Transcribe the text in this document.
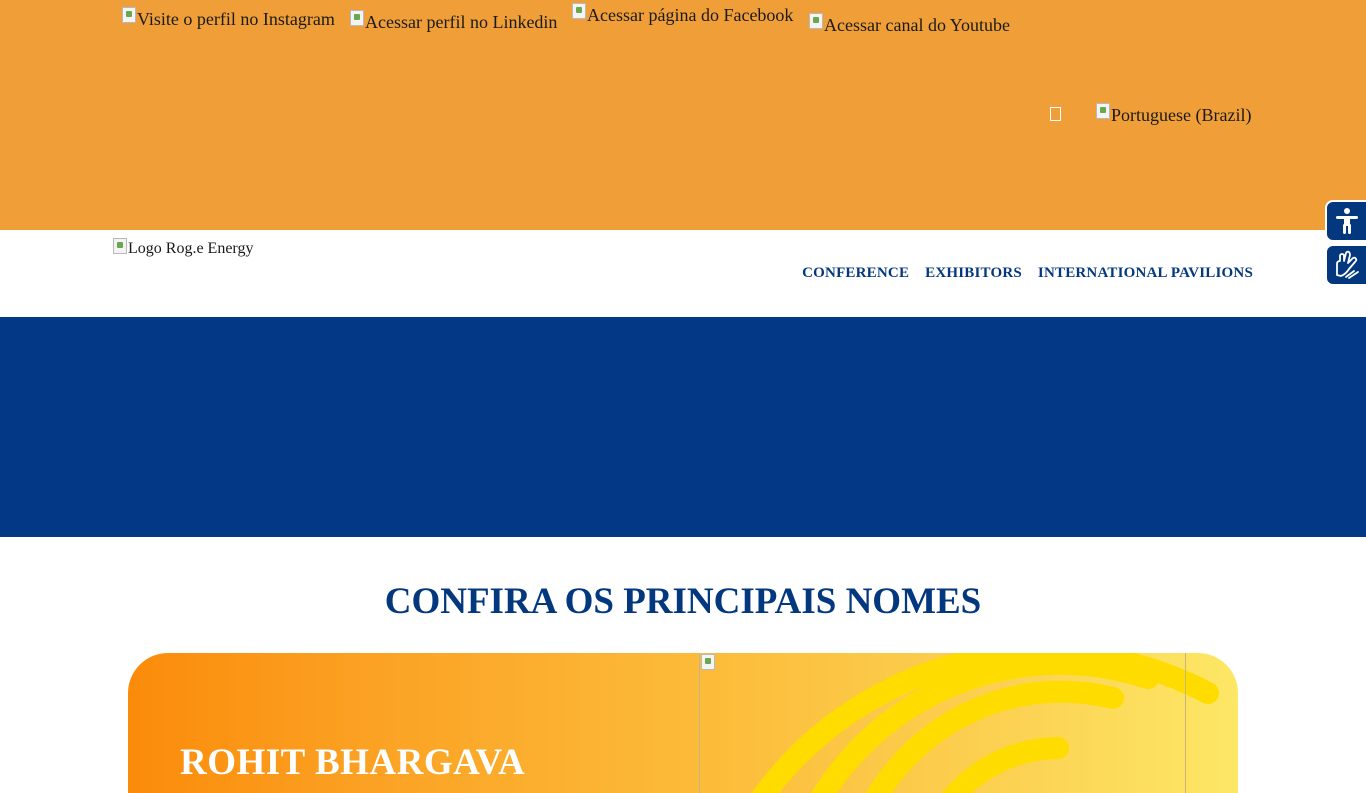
Visite o perfil no Instagram Acessar perfil no Linkedin Acessar página do Facebook Acessar canal do Youtube
Portuguese (Brazil)
Logo Rog.e Energy
CONFERENCE EXHIBITORS INTERNATIONAL PAVILIONS
CONFIRA OS PRINCIPAIS NOMES
ROHIT BHARGAVA
